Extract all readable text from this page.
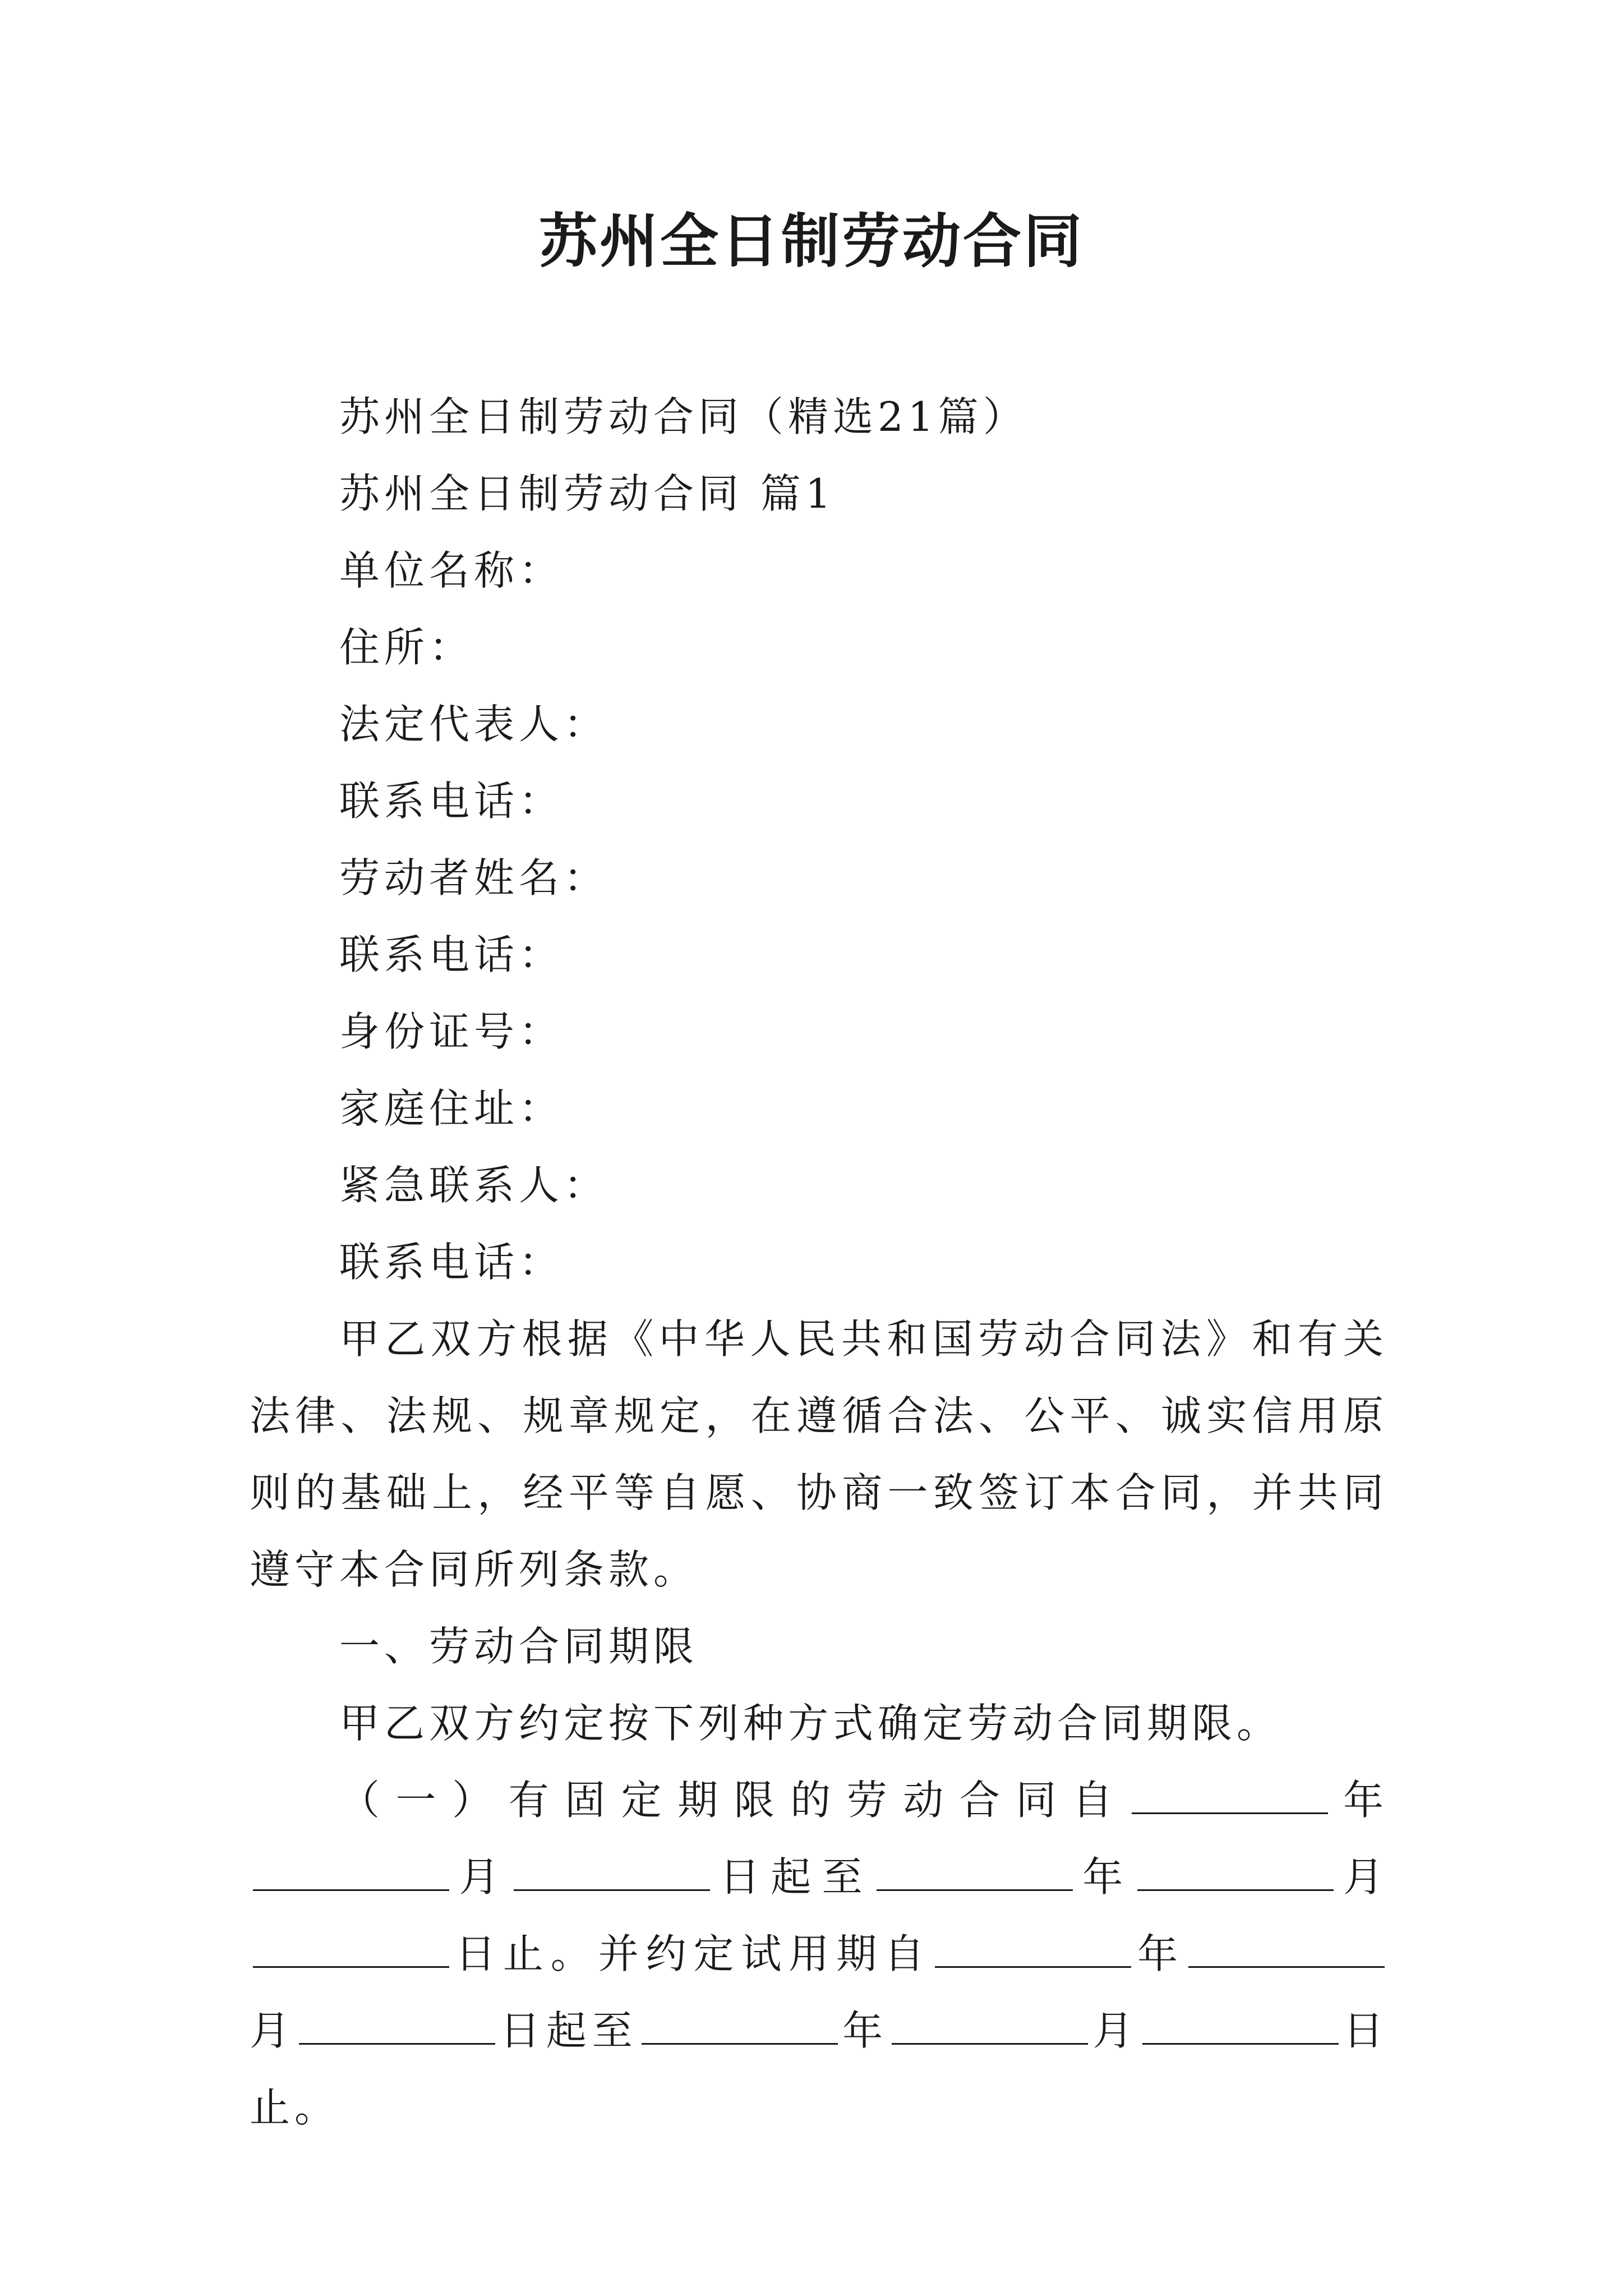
苏州全日制劳动合同

苏州全日制劳动合同（精选21篇）

苏州全日制劳动合同 篇1

单位名称：

住所：

法定代表人：

联系电话：

劳动者姓名：

联系电话：

身份证号：

家庭住址：

紧急联系人：

联系电话：

甲乙双方根据《中华人民共和国劳动合同法》和有关法律、法规、规章规定，在遵循合法、公平、诚实信用原则的基础上，经平等自愿、协商一致签订本合同，并共同遵守本合同所列条款。

一、劳动合同期限

甲乙双方约定按下列种方式确定劳动合同期限。

（一）有固定期限的劳动合同自	年月	日起至	年	月日止。并约定试用期自	年月	日起至	年	月	日止。
